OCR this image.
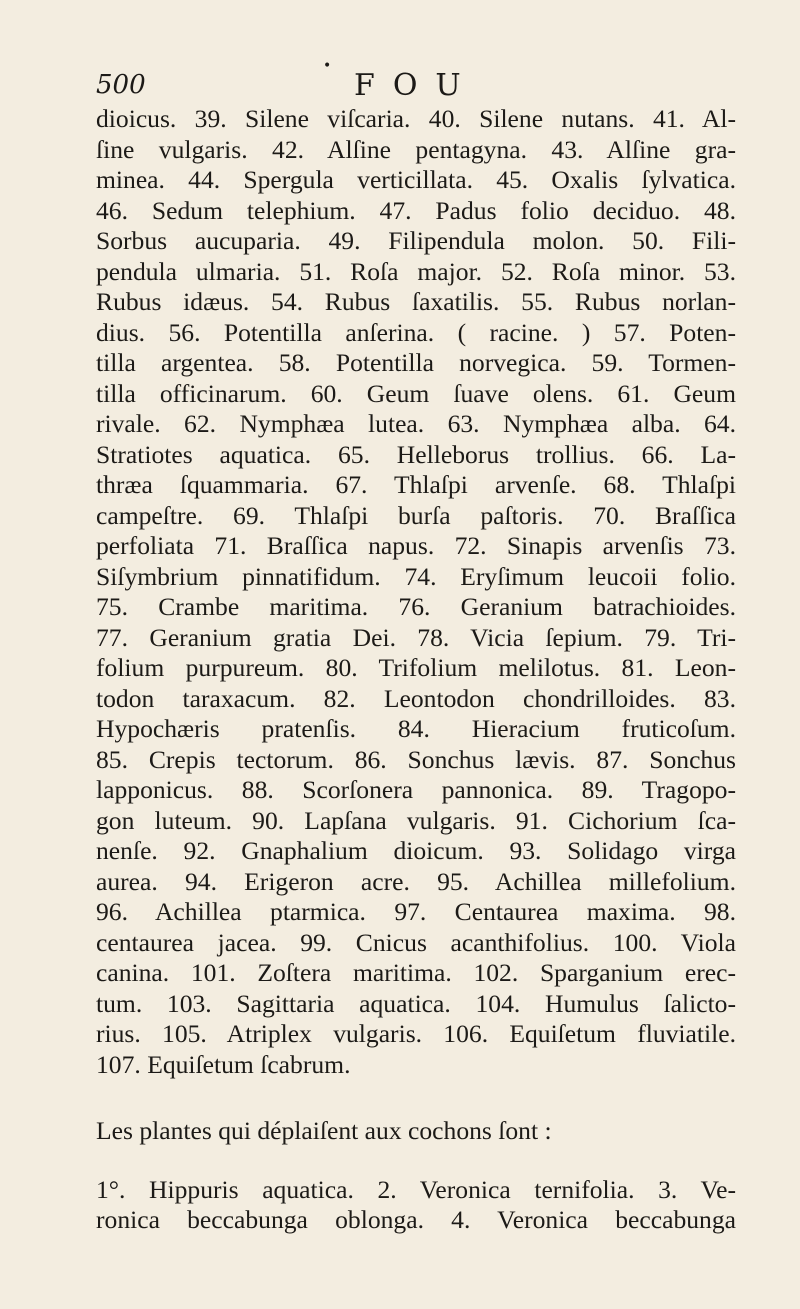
•
500	FOU
dioicus. 39. Silene viſcaria. 40. Silene nutans. 41. Al-
ſine vulgaris. 42. Alſine pentagyna. 43. Alſine gra-
minea. 44. Spergula verticillata. 45. Oxalis ſylvatica.
46. Sedum telephium. 47. Padus folio deciduo. 48.
Sorbus aucuparia. 49. Filipendula molon. 50. Fili-
pendula ulmaria. 51. Roſa major. 52. Roſa minor. 53.
Rubus idæus. 54. Rubus ſaxatilis. 55. Rubus norlan-
dius. 56. Potentilla anſerina. ( racine. ) 57. Poten-
tilla argentea. 58. Potentilla norvegica. 59. Tormen-
tilla officinarum. 60. Geum ſuave olens. 61. Geum
rivale. 62. Nymphæa lutea. 63. Nymphæa alba. 64.
Stratiotes aquatica. 65. Helleborus trollius. 66. La-
thræa ſquammaria. 67. Thlaſpi arvenſe. 68. Thlaſpi
campeſtre. 69. Thlaſpi burſa paſtoris. 70. Braſſica
perfoliata 71. Braſſica napus. 72. Sinapis arvenſis 73.
Siſymbrium pinnatifidum. 74. Eryſimum leucoii folio.
75. Crambe maritima. 76. Geranium batrachioides.
77. Geranium gratia Dei. 78. Vicia ſepium. 79. Tri-
folium purpureum. 80. Trifolium melilotus. 81. Leon-
todon taraxacum. 82. Leontodon chondrilloides. 83.
Hypochæris pratenſis. 84. Hieracium fruticoſum.
85. Crepis tectorum. 86. Sonchus lævis. 87. Sonchus
lapponicus. 88. Scorſonera pannonica. 89. Tragopo-
gon luteum. 90. Lapſana vulgaris. 91. Cichorium ſca-
nenſe. 92. Gnaphalium dioicum. 93. Solidago virga
aurea. 94. Erigeron acre. 95. Achillea millefolium.
96. Achillea ptarmica. 97. Centaurea maxima. 98.
centaurea jacea. 99. Cnicus acanthifolius. 100. Viola
canina. 101. Zoſtera maritima. 102. Sparganium erec-
tum. 103. Sagittaria aquatica. 104. Humulus ſalicto-
rius. 105. Atriplex vulgaris. 106. Equiſetum fluviatile.
107. Equiſetum ſcabrum.
Les plantes qui déplaiſent aux cochons ſont :
1°. Hippuris aquatica. 2. Veronica ternifolia. 3. Ve-
ronica beccabunga oblonga. 4. Veronica beccabunga
